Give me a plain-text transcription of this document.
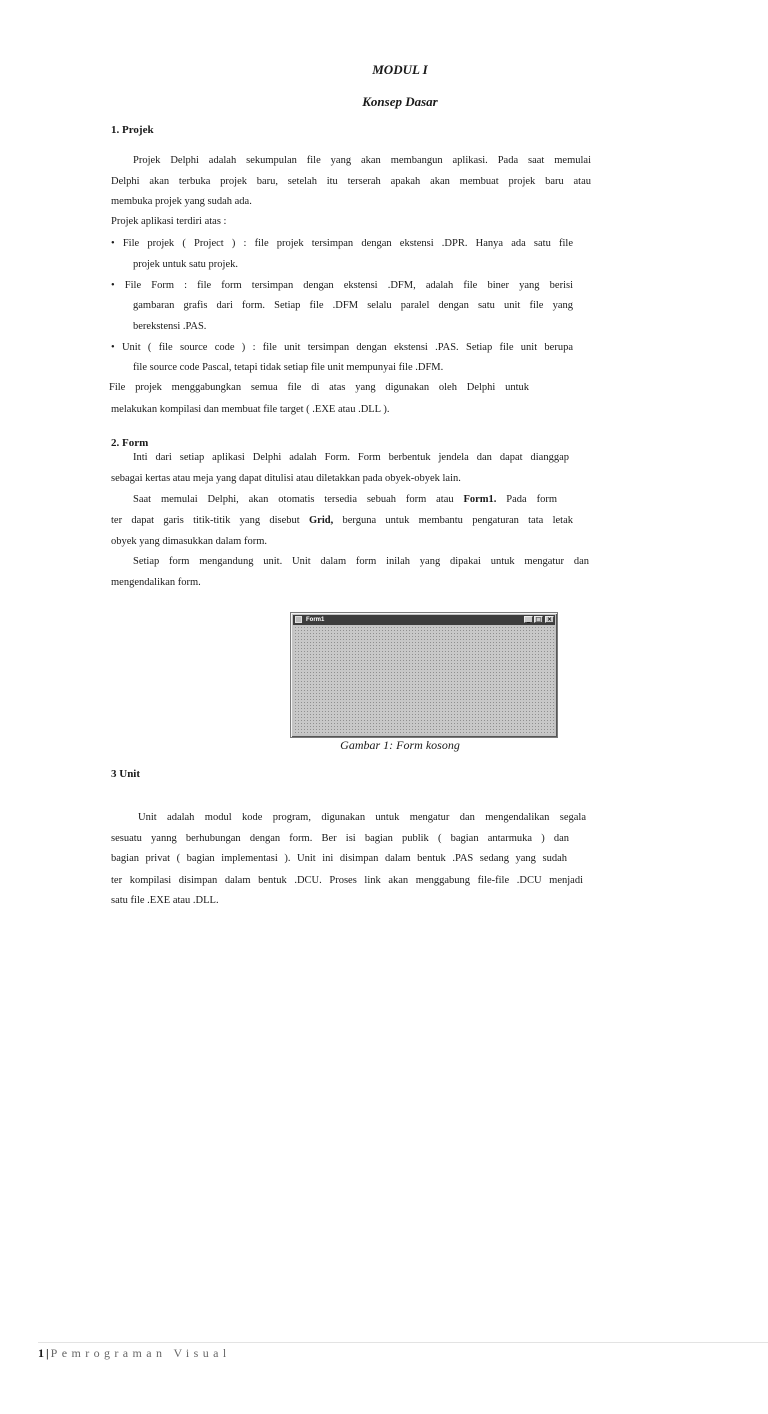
MODUL I
Konsep Dasar
1. Projek
Projek Delphi adalah sekumpulan file yang akan membangun aplikasi. Pada saat memulai
Delphi akan terbuka projek baru, setelah itu terserah apakah akan membuat projek baru atau
membuka projek yang sudah ada.
Projek aplikasi terdiri atas :
• File projek ( Project ) : file projek tersimpan dengan ekstensi .DPR. Hanya ada satu file
projek untuk satu projek.
• File Form : file form tersimpan dengan ekstensi .DFM, adalah file biner yang berisi
gambaran grafis dari form. Setiap file .DFM selalu paralel dengan satu unit file yang
berekstensi .PAS.
• Unit ( file source code ) : file unit tersimpan dengan ekstensi .PAS. Setiap file unit berupa
file source code Pascal, tetapi tidak setiap file unit mempunyai file .DFM.
File projek menggabungkan semua file di atas yang digunakan oleh Delphi untuk
melakukan kompilasi dan membuat file target ( .EXE atau .DLL ).
2. Form
Inti dari setiap aplikasi Delphi adalah Form. Form berbentuk jendela dan dapat dianggap
sebagai kertas atau meja yang dapat ditulisi atau diletakkan pada obyek-obyek lain.
Saat memulai Delphi, akan otomatis tersedia sebuah form atau Form1. Pada form
ter dapat garis titik-titik yang disebut Grid, berguna untuk membantu pengaturan tata letak
obyek yang dimasukkan dalam form.
Setiap form mengandung unit. Unit dalam form inilah yang dipakai untuk mengatur dan
mengendalikan form.
Form1	_ □ ×
Gambar 1: Form kosong
3 Unit
Unit adalah modul kode program, digunakan untuk mengatur dan mengendalikan segala
sesuatu yanng berhubungan dengan form. Ber isi bagian publik ( bagian antarmuka ) dan
bagian privat ( bagian implementasi ). Unit ini disimpan dalam bentuk .PAS sedang yang sudah
ter kompilasi disimpan dalam bentuk .DCU. Proses link akan menggabung file-file .DCU menjadi
satu file .EXE atau .DLL.
1 | Pemrograman Visual
